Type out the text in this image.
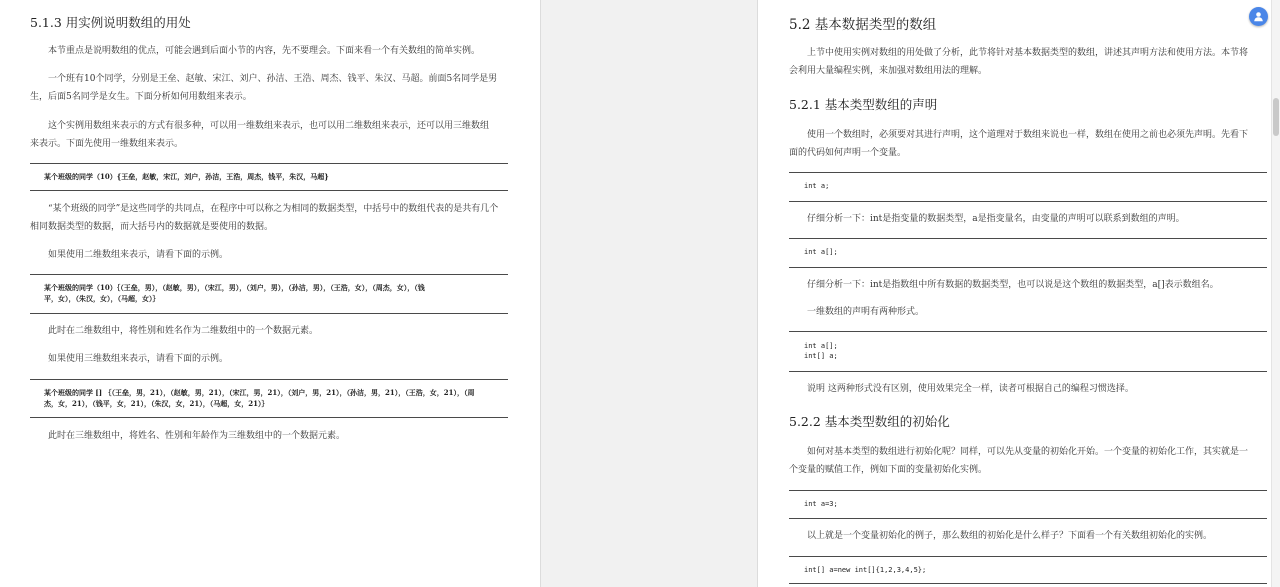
5.1.3 用实例说明数组的用处
本节重点是说明数组的优点，可能会遇到后面小节的内容，先不要理会。下面来看一个有关数组的简单实例。
一个班有10个同学，分别是王垒、赵敏、宋江、刘户、孙洁、王浩、周杰、钱平、朱汉、马超。前面5名同学是男
生，后面5名同学是女生。下面分析如何用数组来表示。
这个实例用数组来表示的方式有很多种，可以用一维数组来表示，也可以用二维数组来表示，还可以用三维数组
来表示。下面先使用一维数组来表示。
某个班级的同学（10）{王垒，赵敏，宋江，刘户，孙洁，王浩，周杰，钱平，朱汉，马超}
“某个班级的同学”是这些同学的共同点，在程序中可以称之为相同的数据类型，中括号中的数组代表的是共有几个
相同数据类型的数据，而大括号内的数据就是要使用的数据。
如果使用二维数组来表示，请看下面的示例。
某个班级的同学（10）｛（王垒，男），（赵敏，男），（宋江，男），（刘户，男），（孙洁，男），（王浩，女），（周杰，女），（钱
平，女），（朱汉，女），（马超，女）｝
此时在二维数组中，将性别和姓名作为二维数组中的一个数据元素。
如果使用三维数组来表示，请看下面的示例。
某个班级的同学 [] ｛（王垒，男，21），（赵敏，男，21），（宋江，男，21），（刘户，男，21），（孙洁，男，21），（王浩，女，21），（周
杰，女，21），（钱平，女，21），（朱汉，女，21），（马超，女，21）｝
此时在三维数组中，将姓名、性别和年龄作为三维数组中的一个数据元素。
5.2 基本数据类型的数组
上节中使用实例对数组的用处做了分析，此节将针对基本数据类型的数组，讲述其声明方法和使用方法。本节将
会利用大量编程实例，来加强对数组用法的理解。
5.2.1 基本类型数组的声明
使用一个数组时，必须要对其进行声明，这个道理对于数组来说也一样，数组在使用之前也必须先声明。先看下
面的代码如何声明一个变量。
int a;
仔细分析一下：int是指变量的数据类型，a是指变量名，由变量的声明可以联系到数组的声明。
int a[];
仔细分析一下：int是指数组中所有数据的数据类型，也可以说是这个数组的数据类型，a[]表示数组名。
一维数组的声明有两种形式。
int a[];
int[] a;
说明 这两种形式没有区别，使用效果完全一样，读者可根据自己的编程习惯选择。
5.2.2 基本类型数组的初始化
如何对基本类型的数组进行初始化呢？同样，可以先从变量的初始化开始。一个变量的初始化工作，其实就是一
个变量的赋值工作，例如下面的变量初始化实例。
int a=3;
以上就是一个变量初始化的例子，那么数组的初始化是什么样子？下面看一个有关数组初始化的实例。
int[] a=new int[]{1,2,3,4,5};
